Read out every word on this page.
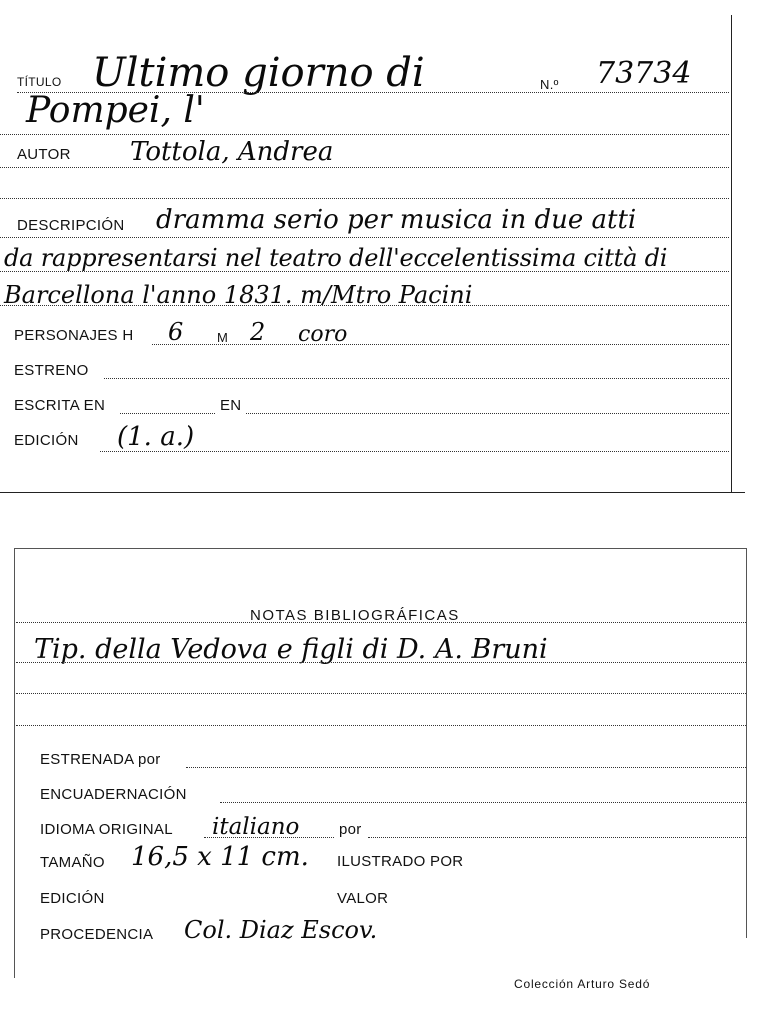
TÍTULO Ultimo giorno di	N.º 73734
Pompei, l'
AUTOR Tottola, Andrea
DESCRIPCIÓN dramma serio per musica in due atti
da rappresentarsi nel teatro dell'eccelentissima città di
Barcellona l'anno 1831. m/Mtro Pacini
PERSONAJES H 6	M 2 coro
ESTRENO
ESCRITA EN	EN
EDICIÓN (1. a.)
NOTAS BIBLIOGRÁFICAS
Tip. della Vedova e figli di D. A. Bruni
ESTRENADA por
ENCUADERNACIÓN
IDIOMA ORIGINAL italiano	por
TAMAÑO 16,5 x 11 cm. ILUSTRADO POR
EDICIÓN	VALOR
PROCEDENCIA Col. Diaz Escov.
Colección Arturo Sedó
